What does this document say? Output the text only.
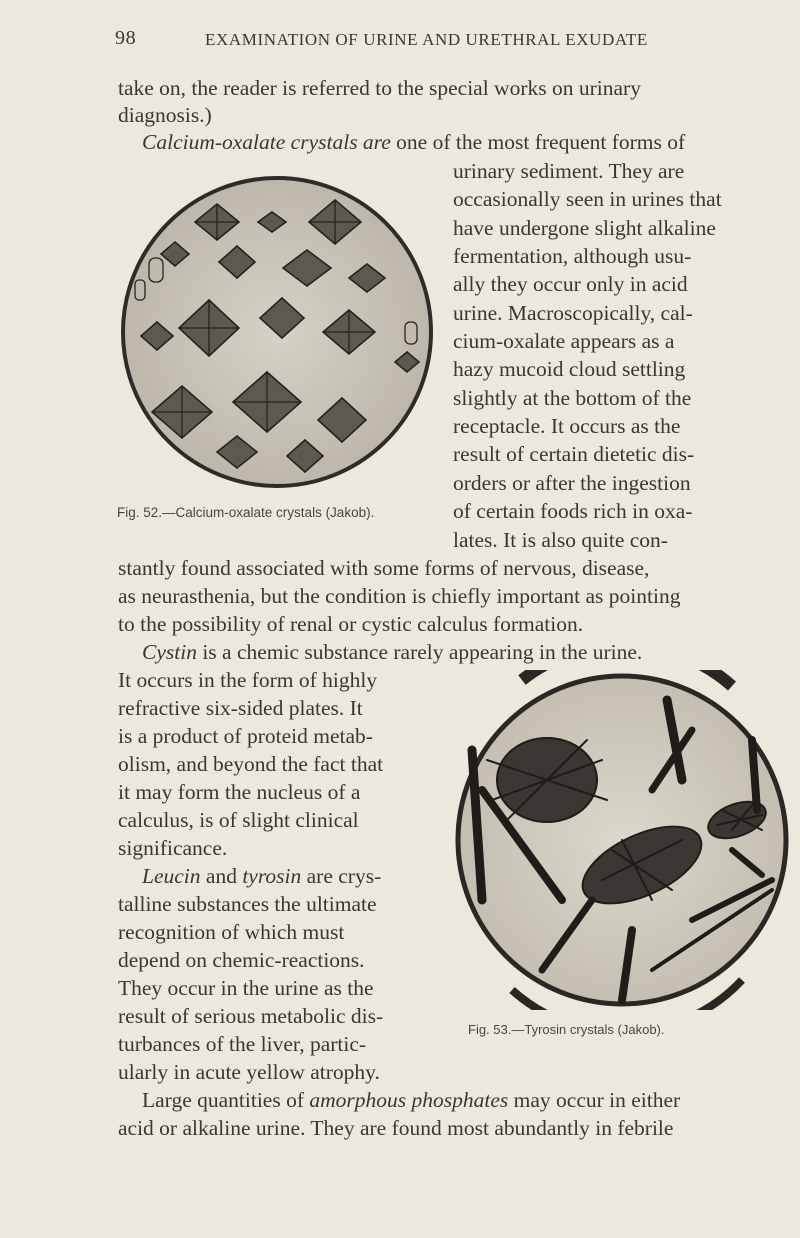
98	EXAMINATION OF URINE AND URETHRAL EXUDATE
take on, the reader is referred to the special works on urinary
diagnosis.)
Calcium-oxalate crystals are one of the most frequent forms of
urinary sediment. They are
occasionally seen in urines that
have undergone slight alkaline
fermentation, although usu-
ally they occur only in acid
urine. Macroscopically, cal-
cium-oxalate appears as a
hazy mucoid cloud settling
slightly at the bottom of the
receptacle. It occurs as the
result of certain dietetic dis-
orders or after the ingestion
of certain foods rich in oxa-
Fig. 52.—Calcium-oxalate crystals (Jakob).
lates. It is also quite con-
stantly found associated with some forms of nervous, disease,
as neurasthenia, but the condition is chiefly important as pointing
to the possibility of renal or cystic calculus formation.
Cystin is a chemic substance rarely appearing in the urine.
It occurs in the form of highly
refractive six-sided plates. It
is a product of proteid metab-
olism, and beyond the fact that
it may form the nucleus of a
calculus, is of slight clinical
significance.
Leucin and tyrosin are crys-
talline substances the ultimate
recognition of which must
depend on chemic-reactions.
They occur in the urine as the
result of serious metabolic dis-
turbances of the liver, partic-
Fig. 53.—Tyrosin crystals (Jakob).
ularly in acute yellow atrophy.
Large quantities of amorphous phosphates may occur in either
acid or alkaline urine. They are found most abundantly in febrile
